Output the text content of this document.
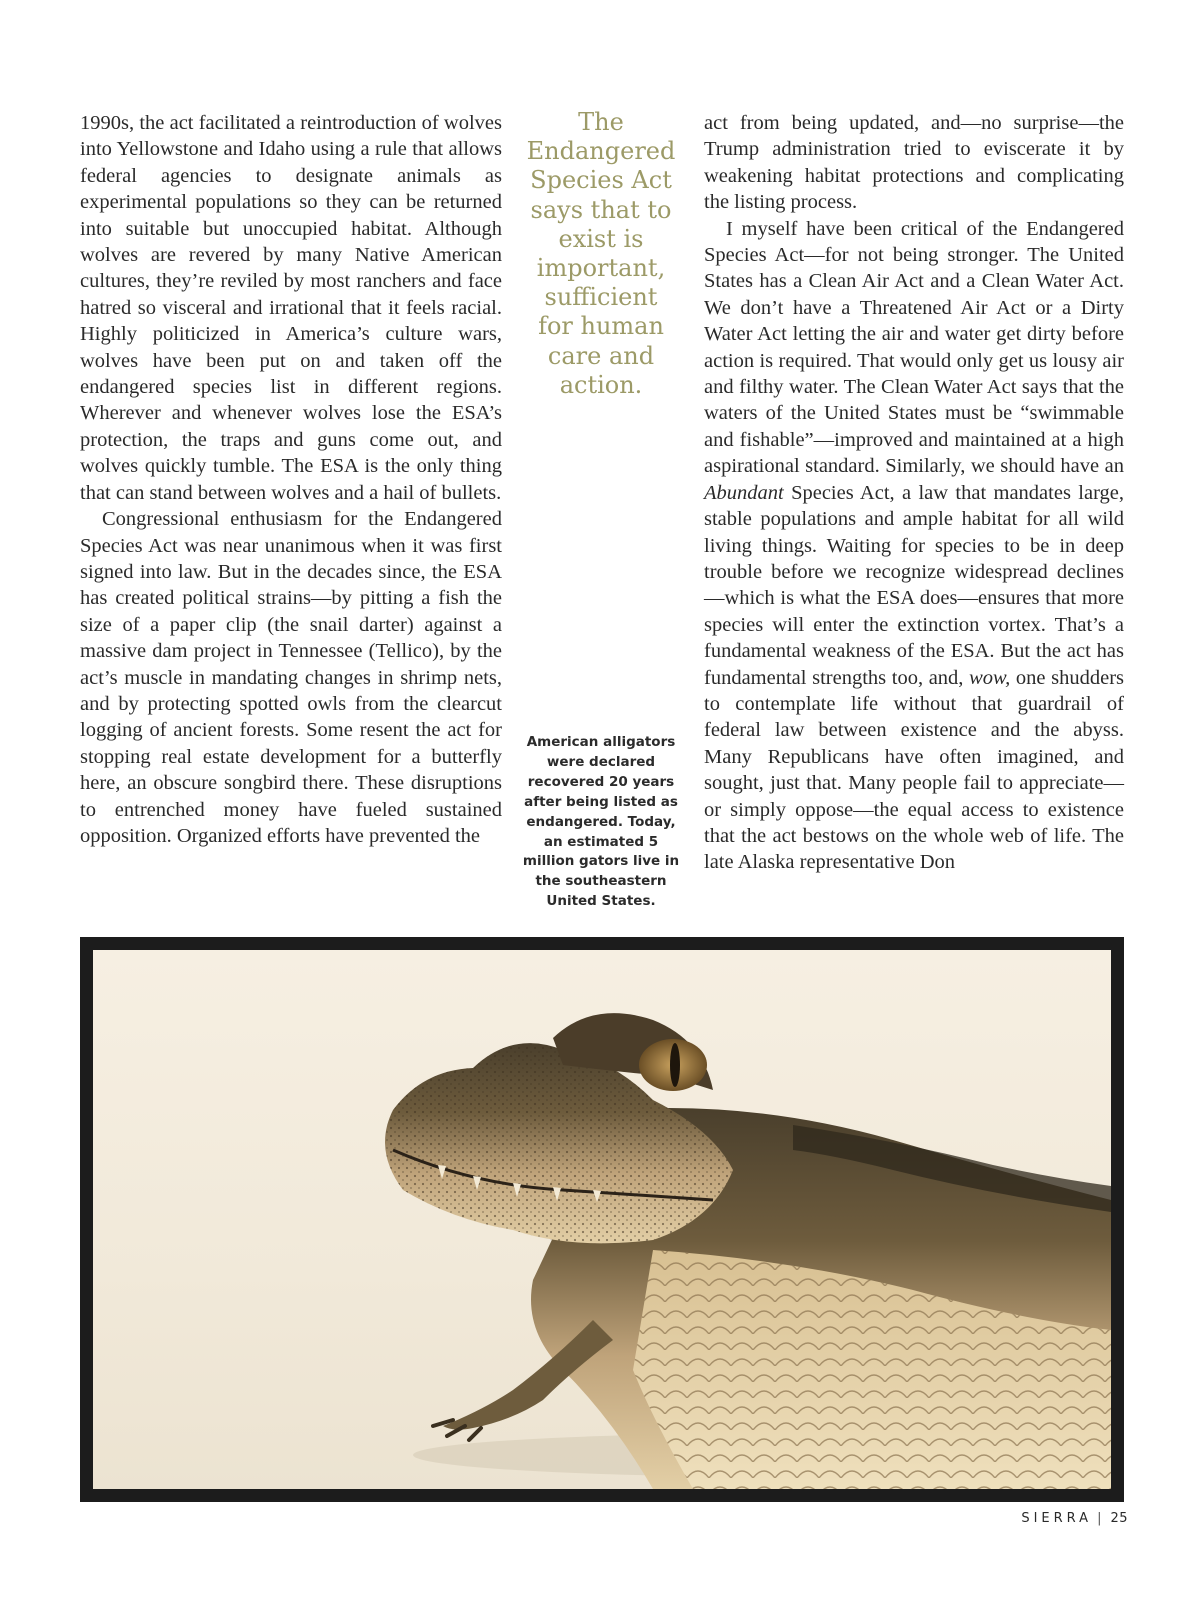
1990s, the act facilitated a reintroduction of wolves into Yellowstone and Idaho using a rule that allows federal agencies to designate animals as experimental populations so they can be returned into suitable but unoccupied habitat. Although wolves are revered by many Native American cultures, they’re reviled by most ranchers and face hatred so visceral and irrational that it feels racial. Highly politicized in America’s culture wars, wolves have been put on and taken off the endangered species list in different regions. Wherever and whenever wolves lose the ESA’s protection, the traps and guns come out, and wolves quickly tumble. The ESA is the only thing that can stand between wolves and a hail of bullets.

Congressional enthusiasm for the Endangered Species Act was near unanimous when it was first signed into law. But in the decades since, the ESA has created political strains—by pitting a fish the size of a paper clip (the snail darter) against a massive dam project in Tennessee (Tellico), by the act’s muscle in mandating changes in shrimp nets, and by protecting spotted owls from the clearcut logging of ancient forests. Some resent the act for stopping real estate development for a butterfly here, an obscure songbird there. These disruptions to entrenched money have fueled sustained opposition. Organized efforts have prevented the

The Endangered Species Act says that to exist is important, sufficient for human care and action.
American alligators were declared recovered 20 years after being listed as endangered. Today, an estimated 5 million gators live in the southeastern United States.

act from being updated, and—no surprise—the Trump administration tried to eviscerate it by weakening habitat protections and complicating the listing process.

I myself have been critical of the Endangered Species Act—for not being stronger. The United States has a Clean Air Act and a Clean Water Act. We don’t have a Threatened Air Act or a Dirty Water Act letting the air and water get dirty before action is required. That would only get us lousy air and filthy water. The Clean Water Act says that the waters of the United States must be “swimmable and fishable”—improved and maintained at a high aspirational standard. Similarly, we should have an Abundant Species Act, a law that mandates large, stable populations and ample habitat for all wild living things. Waiting for species to be in deep trouble before we recognize widespread declines—which is what the ESA does—ensures that more species will enter the extinction vortex. That’s a fundamental weakness of the ESA. But the act has fundamental strengths too, and, wow, one shudders to contemplate life without that guardrail of federal law between existence and the abyss. Many Republicans have often imagined, and sought, just that. Many people fail to appreciate—or simply oppose—the equal access to existence that the act bestows on the whole web of life. The late Alaska representative Don

SIERRA | 25
